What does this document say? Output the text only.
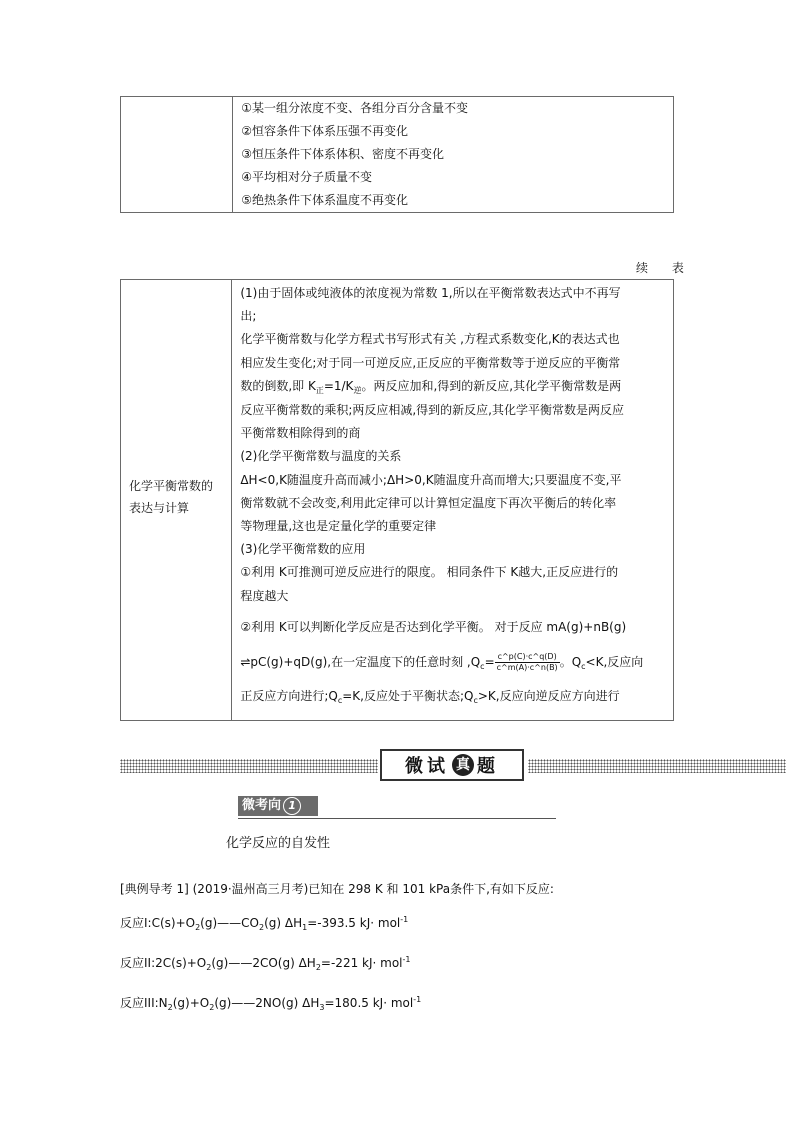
①某一组分浓度不变、各组分百分含量不变
②恒容条件下体系压强不再变化
③恒压条件下体系体积、密度不再变化
④平均相对分子质量不变
⑤绝热条件下体系温度不再变化
续 表
化学平衡常数的
表达与计算

(1)由于固体或纯液体的浓度视为常数 1,所以在平衡常数表达式中不再写
出;
化学平衡常数与化学方程式书写形式有关 ,方程式系数变化,K的表达式也
相应发生变化;对于同一可逆反应,正反应的平衡常数等于逆反应的平衡常
数的倒数,即 $K_正=1/K_逆$。两反应加和,得到的新反应,其化学平衡常数是两
反应平衡常数的乘积;两反应相减,得到的新反应,其化学平衡常数是两反应
平衡常数相除得到的商
(2)化学平衡常数与温度的关系
ΔH<0,K随温度升高而减小;ΔH>0,K随温度升高而增大;只要温度不变,平
衡常数就不会改变,利用此定律可以计算恒定温度下再次平衡后的转化率
等物理量,这也是定量化学的重要定律
(3)化学平衡常数的应用
①利用 K可推测可逆反应进行的限度。 相同条件下 K越大,正反应进行的
程度越大
②利用 K可以判断化学反应是否达到化学平衡。 对于反应 mA(g)+nB(g)
⇌pC(g)+qD(g),在一定温度下的任意时刻 $,Q_c= \frac{c\^{}p(C)\cdot c\^{}q(D)}{c\^{}m(A)\cdot c\^{}n(B)}$ 。$Q_c<K$,反应向
正反应方向进行$;Q_c=K$,反应处于平衡状态$;Q_c>K$,反应向逆反应方向进行
微试 真 题
微考向 1
化学反应的自发性
[典例导考 1] (2019·温州高三月考)已知在 298 K 和 101 kPa条件下,有如下反应:
反应$I:C(s)+O_2(g)——CO_2(g)$ $\Delta H_1=-393.5$ kJ· mol$^{-1}$
反应$II:2C(s)+O_2(g)——2CO(g)$ $\Delta H_2=-221$ kJ· mol$^{-1}$
反应$III:N_2(g)+O_2(g)——2NO(g)$ $\Delta H_3=180.5$ kJ· mol$^{-1}$
